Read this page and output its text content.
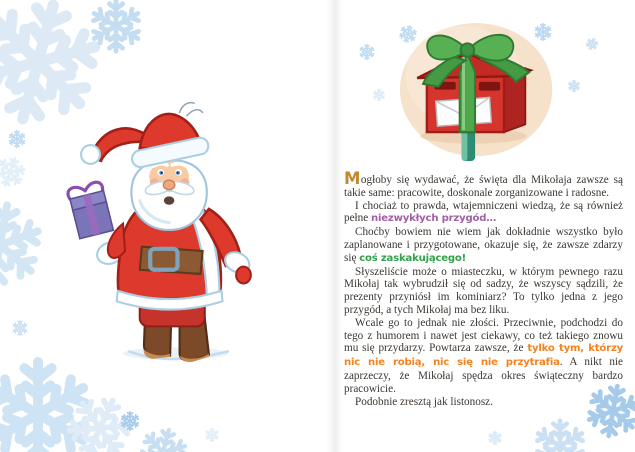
Mogłoby się wydawać, że święta dla Mikołaja zawsze są takie same: pracowite, doskonale zorganizowane i radosne.

I chociaż to prawda, wtajemniczeni wiedzą, że są również pełne niezwykłych przygód…

Choćby bowiem nie wiem jak dokładnie wszystko było zaplanowane i przygotowane, okazuje się, że zawsze zdarzy się coś zaskakującego!

Słyszeliście może o miasteczku, w którym pewnego razu Mikołaj tak wybrudził się od sadzy, że wszyscy sądzili, że prezenty przyniósł im kominiarz? To tylko jedna z jego przygód, a tych Mikołaj ma bez liku.

Wcale go to jednak nie złości. Przeciwnie, podchodzi do tego z humorem i nawet jest ciekawy, co też takiego znowu mu się przydarzy. Powtarza zawsze, że tylko tym, którzy nic nie robią, nic się nie przytrafia. A nikt nie zaprzeczy, że Mikołaj spędza okres świąteczny bardzo pracowicie.

Podobnie zresztą jak listonosz.
